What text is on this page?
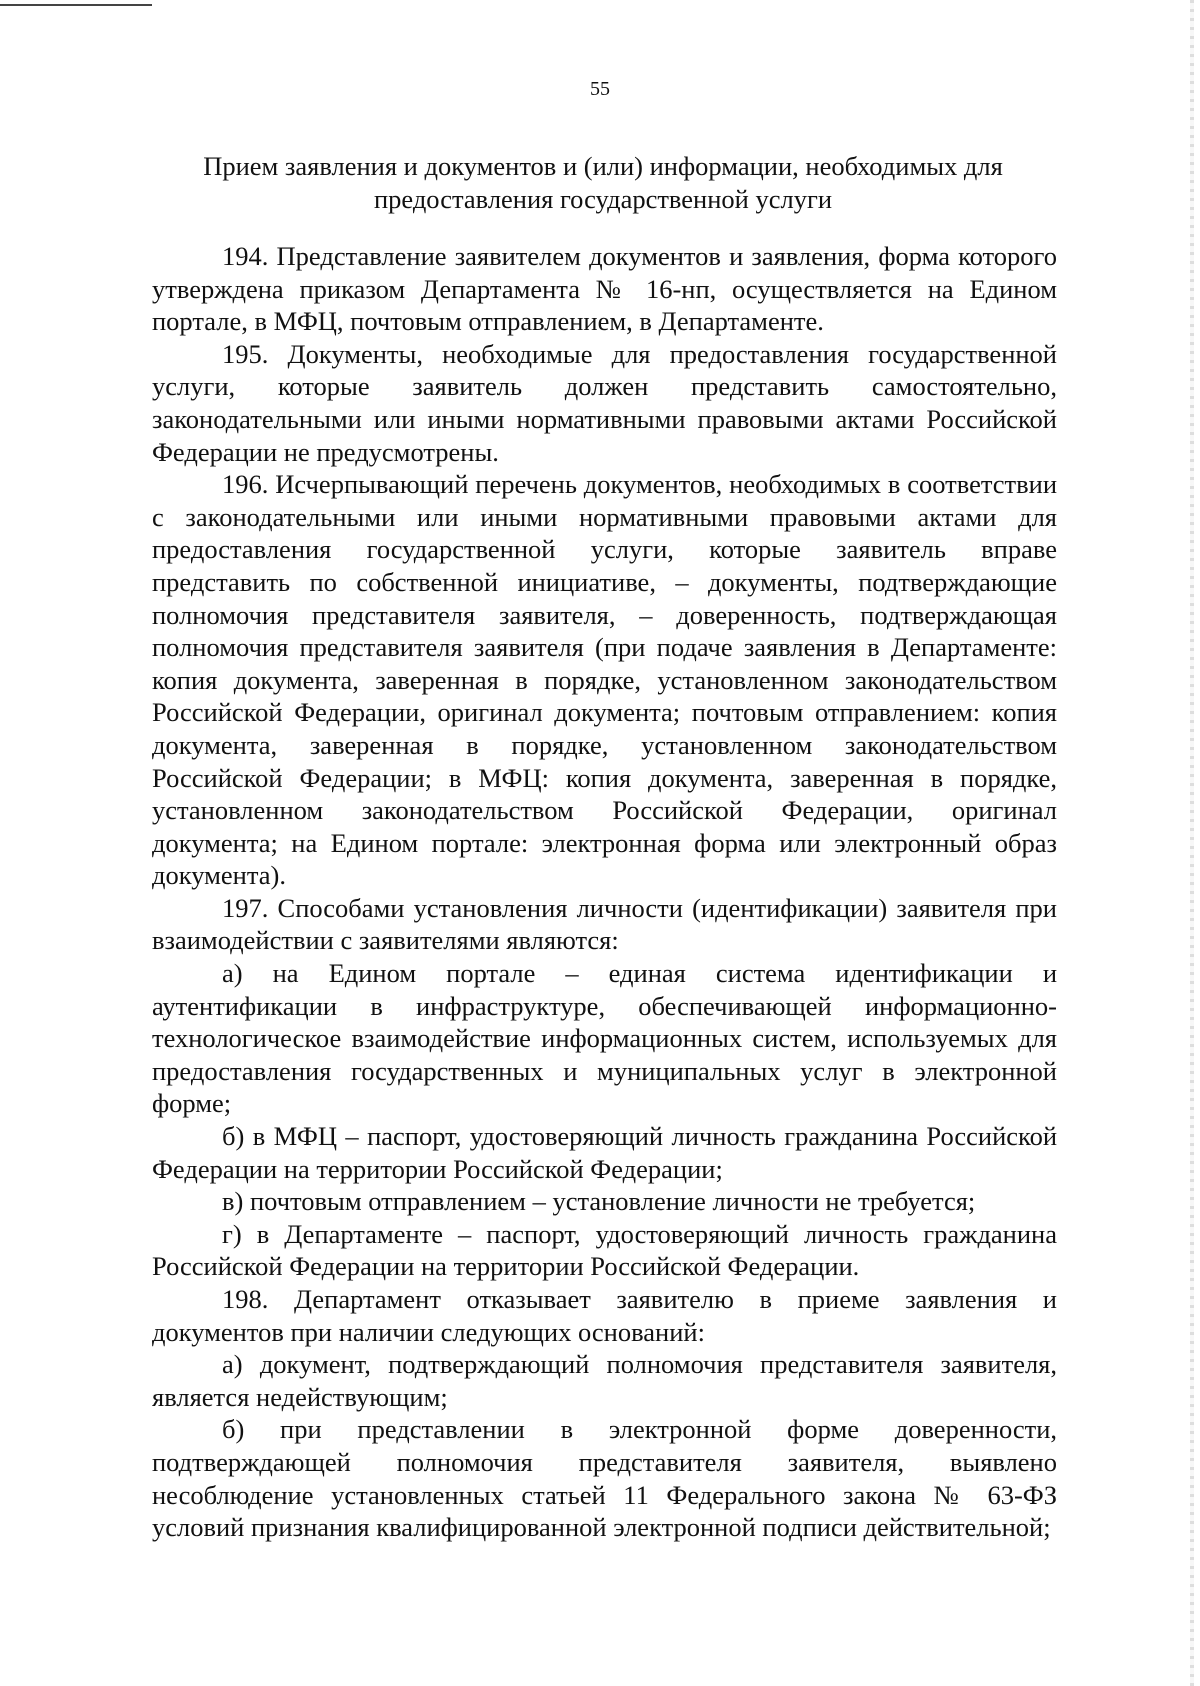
55
Прием заявления и документов и (или) информации, необходимых для предоставления государственной услуги

194. Представление заявителем документов и заявления, форма которого утверждена приказом Департамента № 16-нп, осуществляется на Едином портале, в МФЦ, почтовым отправлением, в Департаменте.

195. Документы, необходимые для предоставления государственной услуги, которые заявитель должен представить самостоятельно, законодательными или иными нормативными правовыми актами Российской Федерации не предусмотрены.

196. Исчерпывающий перечень документов, необходимых в соответствии с законодательными или иными нормативными правовыми актами для предоставления государственной услуги, которые заявитель вправе представить по собственной инициативе, – документы, подтверждающие полномочия представителя заявителя, – доверенность, подтверждающая полномочия представителя заявителя (при подаче заявления в Департаменте: копия документа, заверенная в порядке, установленном законодательством Российской Федерации, оригинал документа; почтовым отправлением: копия документа, заверенная в порядке, установленном законодательством Российской Федерации; в МФЦ: копия документа, заверенная в порядке, установленном законодательством Российской Федерации, оригинал документа; на Едином портале: электронная форма или электронный образ документа).

197. Способами установления личности (идентификации) заявителя при взаимодействии с заявителями являются:

а) на Едином портале – единая система идентификации и аутентификации в инфраструктуре, обеспечивающей информационно-технологическое взаимодействие информационных систем, используемых для предоставления государственных и муниципальных услуг в электронной форме;

б) в МФЦ – паспорт, удостоверяющий личность гражданина Российской Федерации на территории Российской Федерации;

в) почтовым отправлением – установление личности не требуется;

г) в Департаменте – паспорт, удостоверяющий личность гражданина Российской Федерации на территории Российской Федерации.

198. Департамент отказывает заявителю в приеме заявления и документов при наличии следующих оснований:

а) документ, подтверждающий полномочия представителя заявителя, является недействующим;

б) при представлении в электронной форме доверенности, подтверждающей полномочия представителя заявителя, выявлено несоблюдение установленных статьей 11 Федерального закона № 63-ФЗ условий признания квалифицированной электронной подписи действительной;
